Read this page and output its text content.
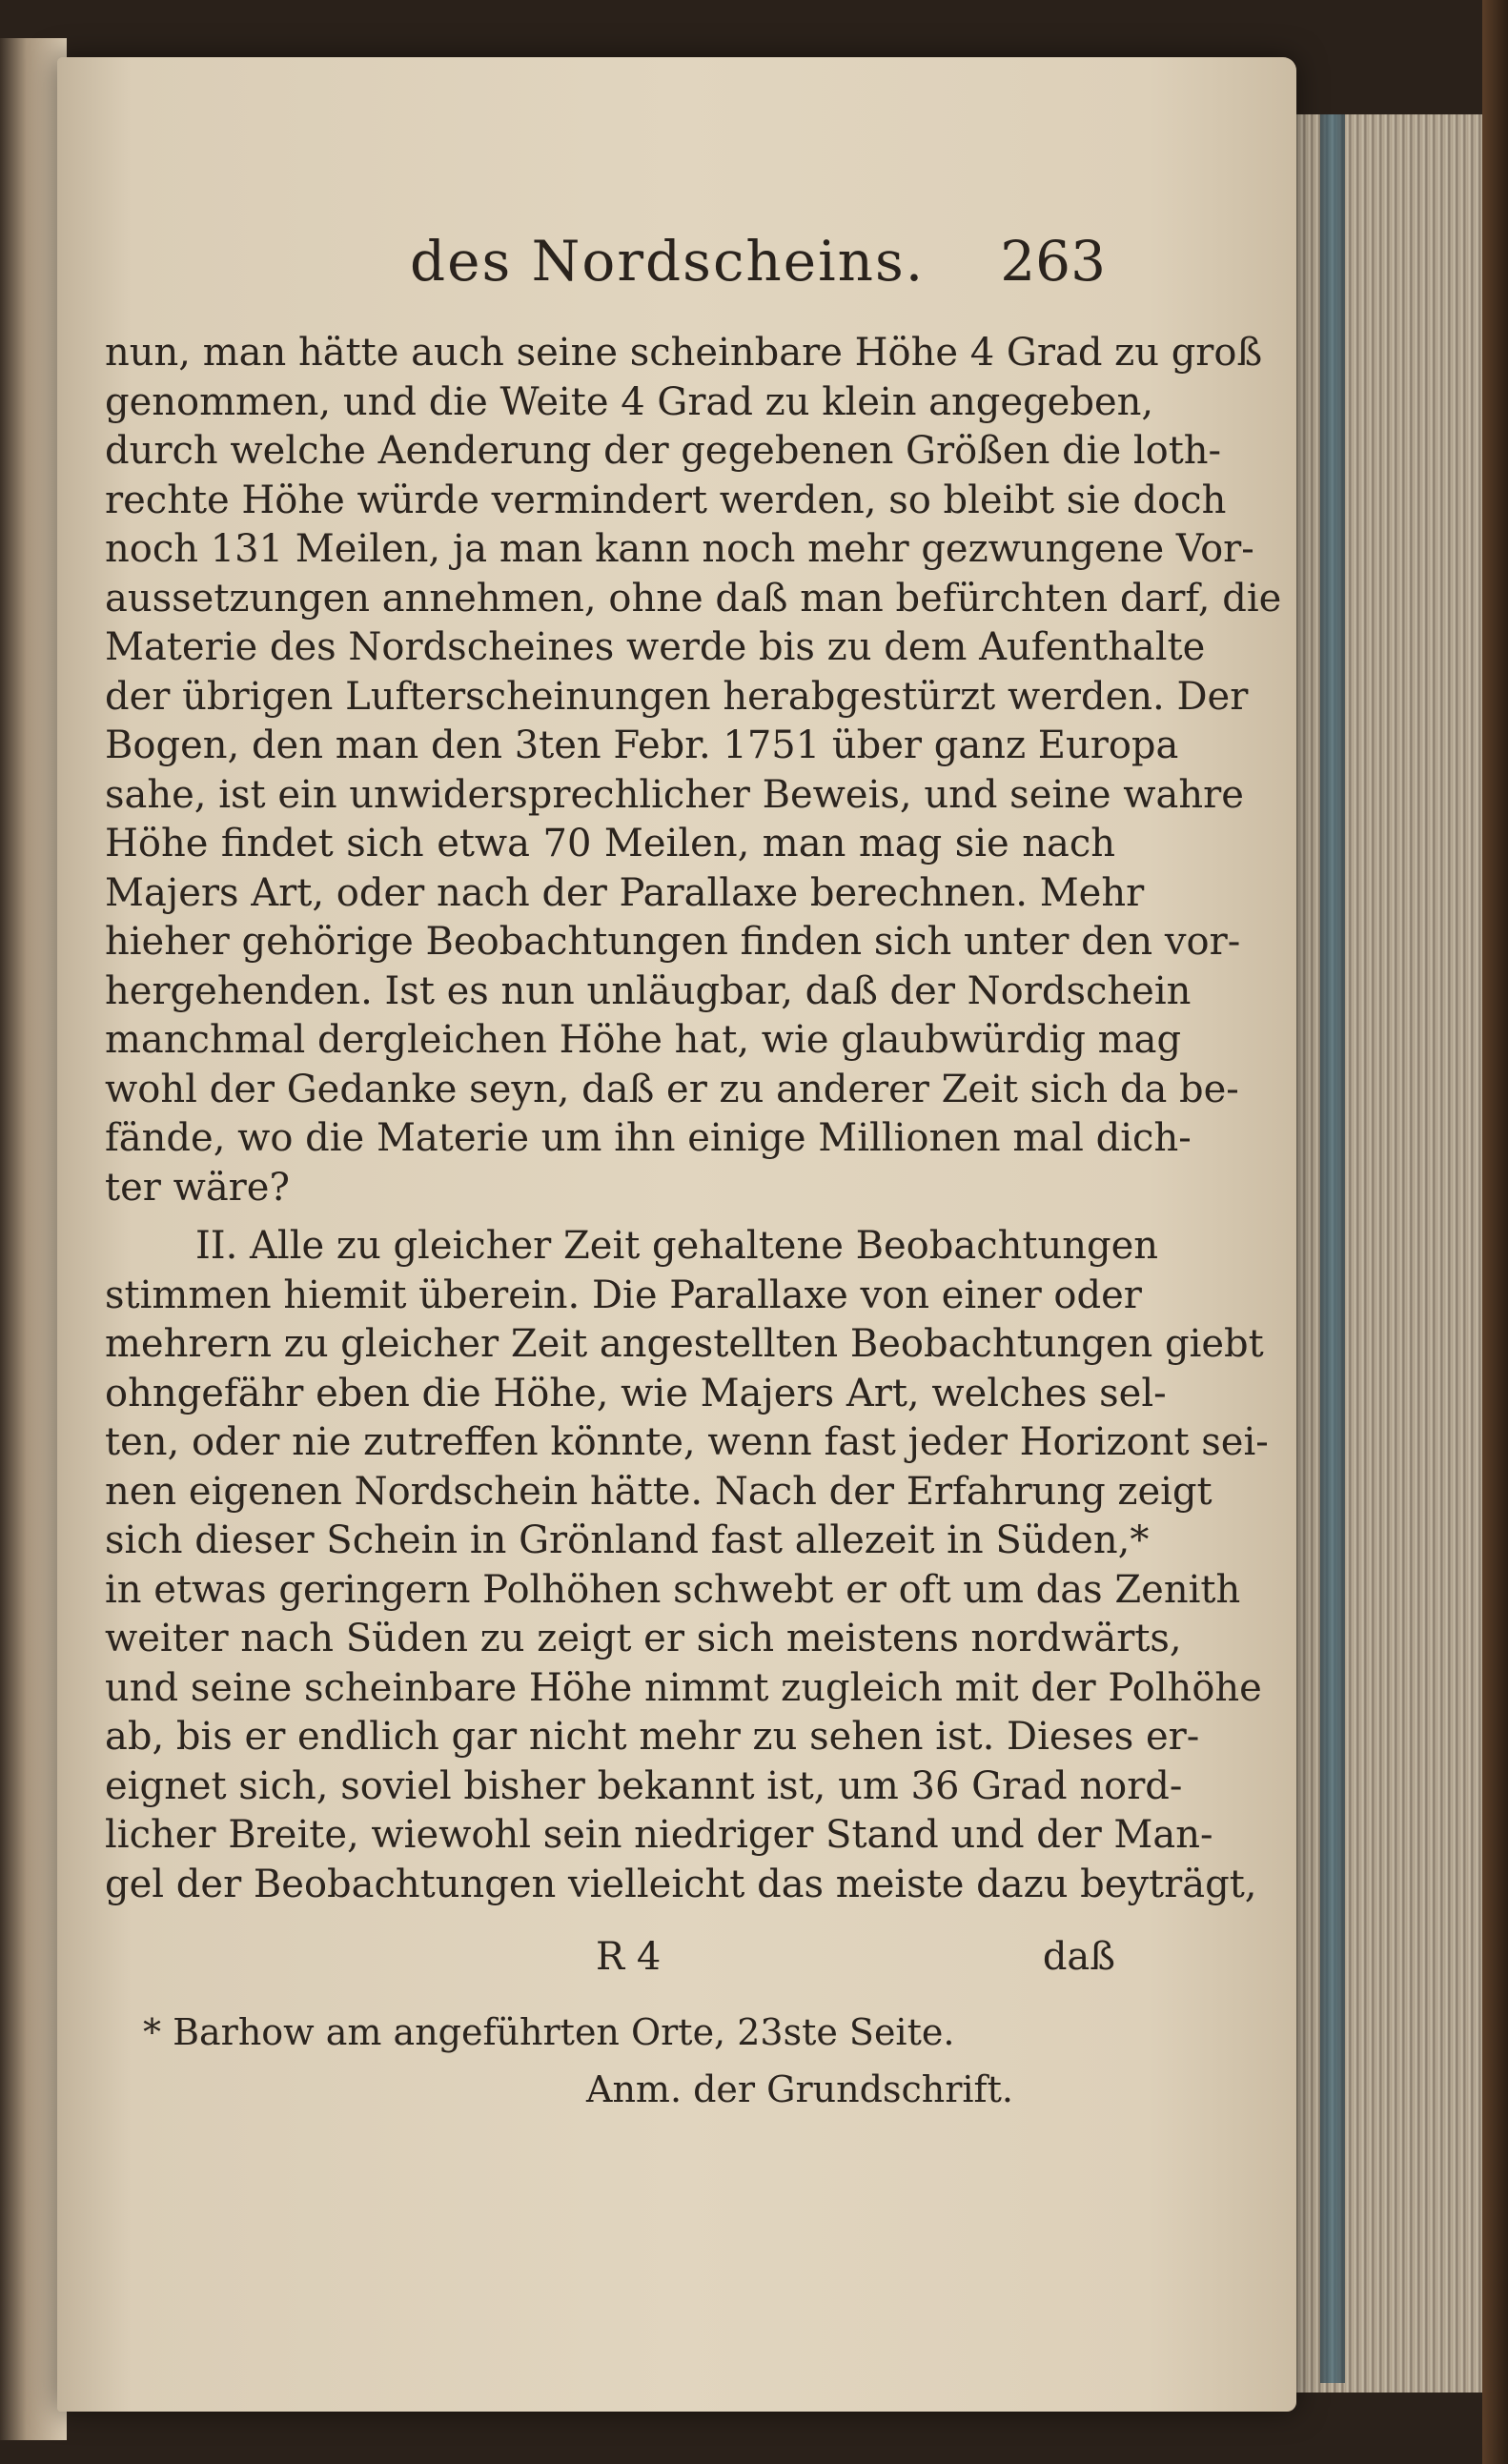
des Nordscheins. 263
nun, man hätte auch seine scheinbare Höhe 4 Grad zu groß
genommen, und die Weite 4 Grad zu klein angegeben,
durch welche Aenderung der gegebenen Größen die loth-
rechte Höhe würde vermindert werden, so bleibt sie doch
noch 131 Meilen, ja man kann noch mehr gezwungene Vor-
aussetzungen annehmen, ohne daß man befürchten darf, die
Materie des Nordscheines werde bis zu dem Aufenthalte
der übrigen Lufterscheinungen herabgestürzt werden. Der
Bogen, den man den 3ten Febr. 1751 über ganz Europa
sahe, ist ein unwidersprechlicher Beweis, und seine wahre
Höhe findet sich etwa 70 Meilen, man mag sie nach
Majers Art, oder nach der Parallaxe berechnen. Mehr
hieher gehörige Beobachtungen finden sich unter den vor-
hergehenden. Ist es nun unläugbar, daß der Nordschein
manchmal dergleichen Höhe hat, wie glaubwürdig mag
wohl der Gedanke seyn, daß er zu anderer Zeit sich da be-
fände, wo die Materie um ihn einige Millionen mal dich-
ter wäre?
II. Alle zu gleicher Zeit gehaltene Beobachtungen
stimmen hiemit überein. Die Parallaxe von einer oder
mehrern zu gleicher Zeit angestellten Beobachtungen giebt
ohngefähr eben die Höhe, wie Majers Art, welches sel-
ten, oder nie zutreffen könnte, wenn fast jeder Horizont sei-
nen eigenen Nordschein hätte. Nach der Erfahrung zeigt
sich dieser Schein in Grönland fast allezeit in Süden,*
in etwas geringern Polhöhen schwebt er oft um das Zenith
weiter nach Süden zu zeigt er sich meistens nordwärts,
und seine scheinbare Höhe nimmt zugleich mit der Polhöhe
ab, bis er endlich gar nicht mehr zu sehen ist. Dieses er-
eignet sich, soviel bisher bekannt ist, um 36 Grad nord-
licher Breite, wiewohl sein niedriger Stand und der Man-
gel der Beobachtungen vielleicht das meiste dazu beyträgt,
R 4	daß
* Barhow am angeführten Orte, 23ste Seite.
Anm. der Grundschrift.
